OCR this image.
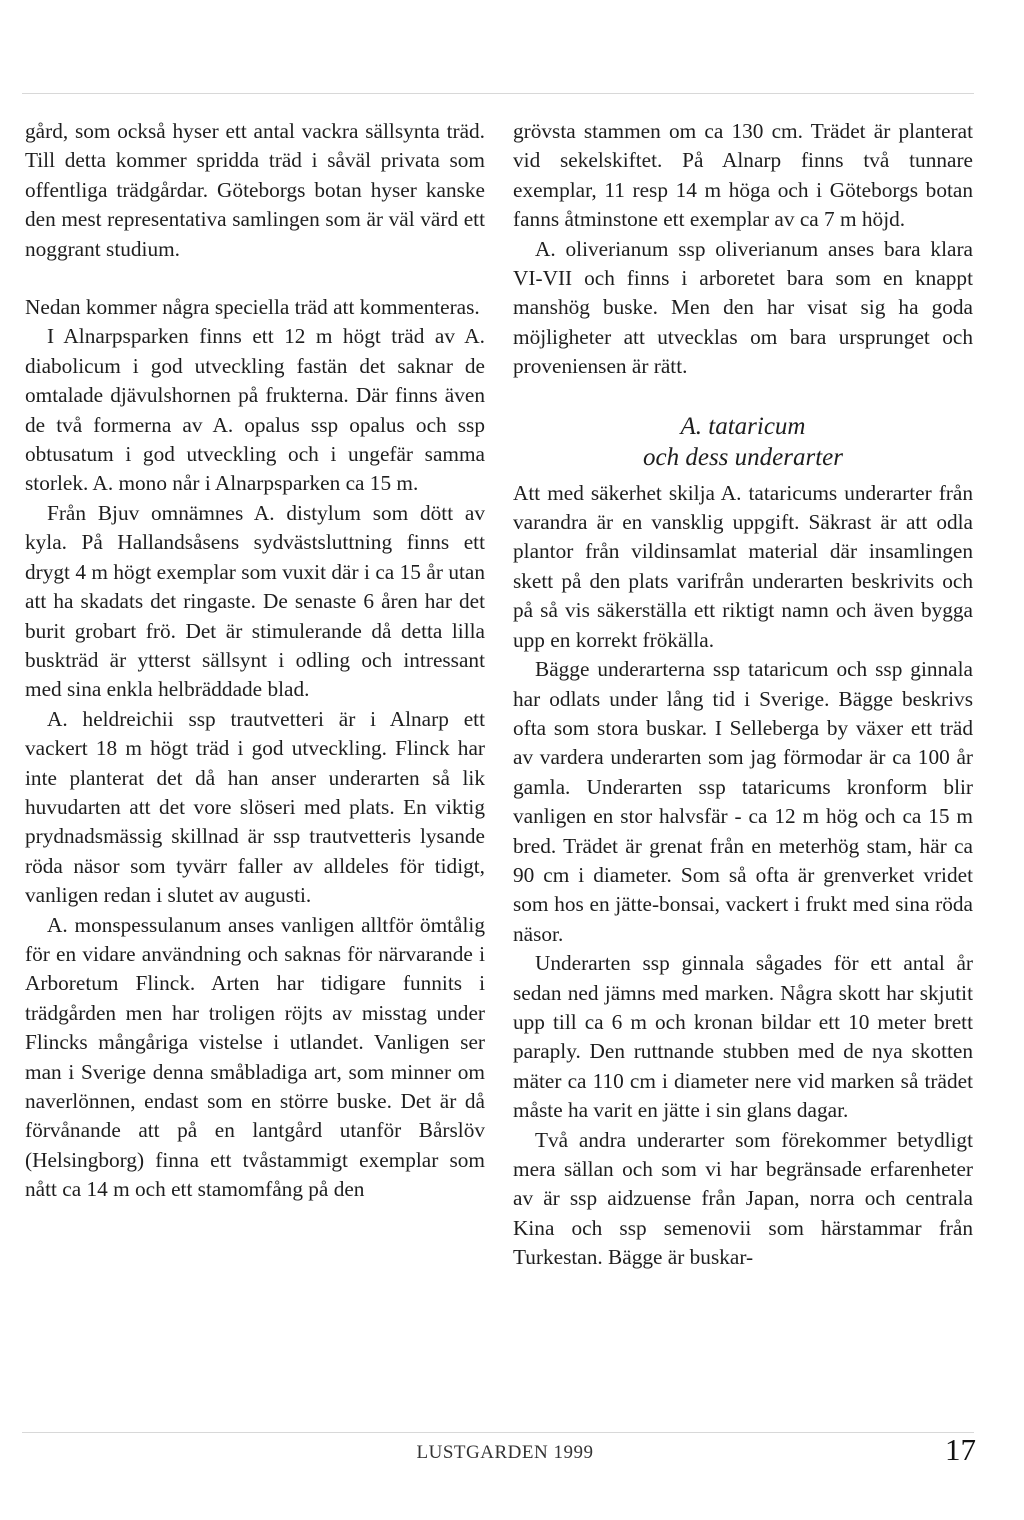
gård, som också hyser ett antal vackra sällsynta träd. Till detta kommer spridda träd i såväl privata som offentliga trädgårdar. Göteborgs botan hyser kanske den mest representativa samlingen som är väl värd ett noggrant studium.

Nedan kommer några speciella träd att kommenteras.

I Alnarpsparken finns ett 12 m högt träd av A. diabolicum i god utveckling fastän det saknar de omtalade djävulshornen på frukterna. Där finns även de två formerna av A. opalus ssp opalus och ssp obtusatum i god utveckling och i ungefär samma storlek. A. mono når i Alnarpsparken ca 15 m.

Från Bjuv omnämnes A. distylum som dött av kyla. På Hallandsåsens sydvästsluttning finns ett drygt 4 m högt exemplar som vuxit där i ca 15 år utan att ha skadats det ringaste. De senaste 6 åren har det burit grobart frö. Det är stimulerande då detta lilla buskträd är ytterst sällsynt i odling och intressant med sina enkla helbräddade blad.

A. heldreichii ssp trautvetteri är i Alnarp ett vackert 18 m högt träd i god utveckling. Flinck har inte planterat det då han anser underarten så lik huvudarten att det vore slöseri med plats. En viktig prydnadsmässig skillnad är ssp trautvetteris lysande röda näsor som tyvärr faller av alldeles för tidigt, vanligen redan i slutet av augusti.

A. monspessulanum anses vanligen alltför ömtålig för en vidare användning och saknas för närvarande i Arboretum Flinck. Arten har tidigare funnits i trädgården men har troligen röjts av misstag under Flincks mångåriga vistelse i utlandet. Vanligen ser man i Sverige denna småbladiga art, som minner om naverlönnen, endast som en större buske. Det är då förvånande att på en lantgård utanför Bårslöv (Helsingborg) finna ett tvåstammigt exemplar som nått ca 14 m och ett stamomfång på den

grövsta stammen om ca 130 cm. Trädet är planterat vid sekelskiftet. På Alnarp finns två tunnare exemplar, 11 resp 14 m höga och i Göteborgs botan fanns åtminstone ett exemplar av ca 7 m höjd.

A. oliverianum ssp oliverianum anses bara klara VI-VII och finns i arboretet bara som en knappt manshög buske. Men den har visat sig ha goda möjligheter att utvecklas om bara ursprunget och proveniensen är rätt.

A. tataricum
och dess underarter

Att med säkerhet skilja A. tataricums underarter från varandra är en vansklig uppgift. Säkrast är att odla plantor från vildinsamlat material där insamlingen skett på den plats varifrån underarten beskrivits och på så vis säkerställa ett riktigt namn och även bygga upp en korrekt frökälla.

Bägge underarterna ssp tataricum och ssp ginnala har odlats under lång tid i Sverige. Bägge beskrivs ofta som stora buskar. I Selleberga by växer ett träd av vardera underarten som jag förmodar är ca 100 år gamla. Underarten ssp tataricums kronform blir vanligen en stor halvsfär - ca 12 m hög och ca 15 m bred. Trädet är grenat från en meterhög stam, här ca 90 cm i diameter. Som så ofta är grenverket vridet som hos en jätte-bonsai, vackert i frukt med sina röda näsor.

Underarten ssp ginnala sågades för ett antal år sedan ned jämns med marken. Några skott har skjutit upp till ca 6 m och kronan bildar ett 10 meter brett paraply. Den ruttnande stubben med de nya skotten mäter ca 110 cm i diameter nere vid marken så trädet måste ha varit en jätte i sin glans dagar.

Två andra underarter som förekommer betydligt mera sällan och som vi har begränsade erfarenheter av är ssp aidzuense från Japan, norra och centrala Kina och ssp semenovii som härstammar från Turkestan. Bägge är buskar-

LUSTGARDEN 1999	17
